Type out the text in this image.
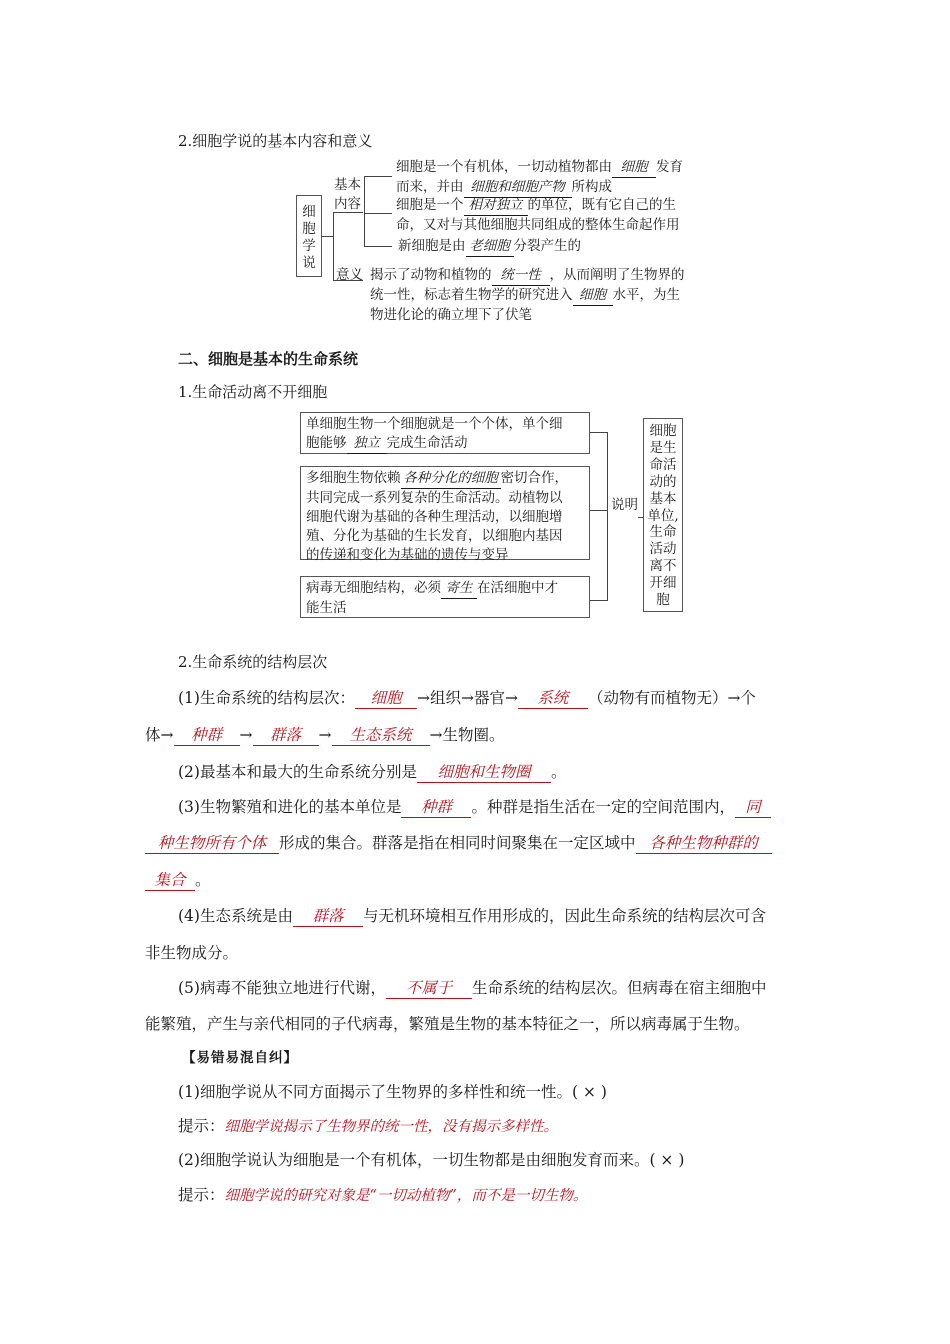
2.细胞学说的基本内容和意义
细
胞
学
说
基本
内容
细胞是一个有机体，一切动植物都由 细胞 发育
而来，并由 细胞和细胞产物 所构成
细胞是一个 相对独立 的单位，既有它自己的生
命，又对与其他细胞共同组成的整体生命起作用
新细胞是由 老细胞 分裂产生的
意义 揭示了动物和植物的 统一性 ，从而阐明了生物界的
统一性，标志着生物学的研究进入 细胞 水平，为生
物进化论的确立埋下了伏笔
二、细胞是基本的生命系统
1.生命活动离不开细胞
单细胞生物一个细胞就是一个个体，单个细
胞能够 独立 完成生命活动
多细胞生物依赖 各种分化的细胞 密切合作，
共同完成一系列复杂的生命活动。动植物以
细胞代谢为基础的各种生理活动，以细胞增
殖、分化为基础的生长发育，以细胞内基因
的传递和变化为基础的遗传与变异
病毒无细胞结构，必须 寄生 在活细胞中才
能生活
说明
细胞
是生
命活
动的
基本
单位,
生命
活动
离不
开细
胞
2.生命系统的结构层次
(1)生命系统的结构层次： 细胞 →组织→器官→ 系统 （动物有而植物无）→个
体→ 种群 → 群落 → 生态系统 →生物圈。
(2)最基本和最大的生命系统分别是 细胞和生物圈 。
(3)生物繁殖和进化的基本单位是 种群 。种群是指生活在一定的空间范围内， 同
种生物所有个体 形成的集合。群落是指在相同时间聚集在一定区域中 各种生物种群的
集合 。
(4)生态系统是由 群落 与无机环境相互作用形成的，因此生命系统的结构层次可含
非生物成分。
(5)病毒不能独立地进行代谢， 不属于 生命系统的结构层次。但病毒在宿主细胞中
能繁殖，产生与亲代相同的子代病毒，繁殖是生物的基本特征之一，所以病毒属于生物。
【易错易混自纠】
(1)细胞学说从不同方面揭示了生物界的多样性和统一性。( × )
提示：细胞学说揭示了生物界的统一性，没有揭示多样性。
(2)细胞学说认为细胞是一个有机体，一切生物都是由细胞发育而来。( × )
提示：细胞学说的研究对象是“一切动植物”，而不是一切生物。
